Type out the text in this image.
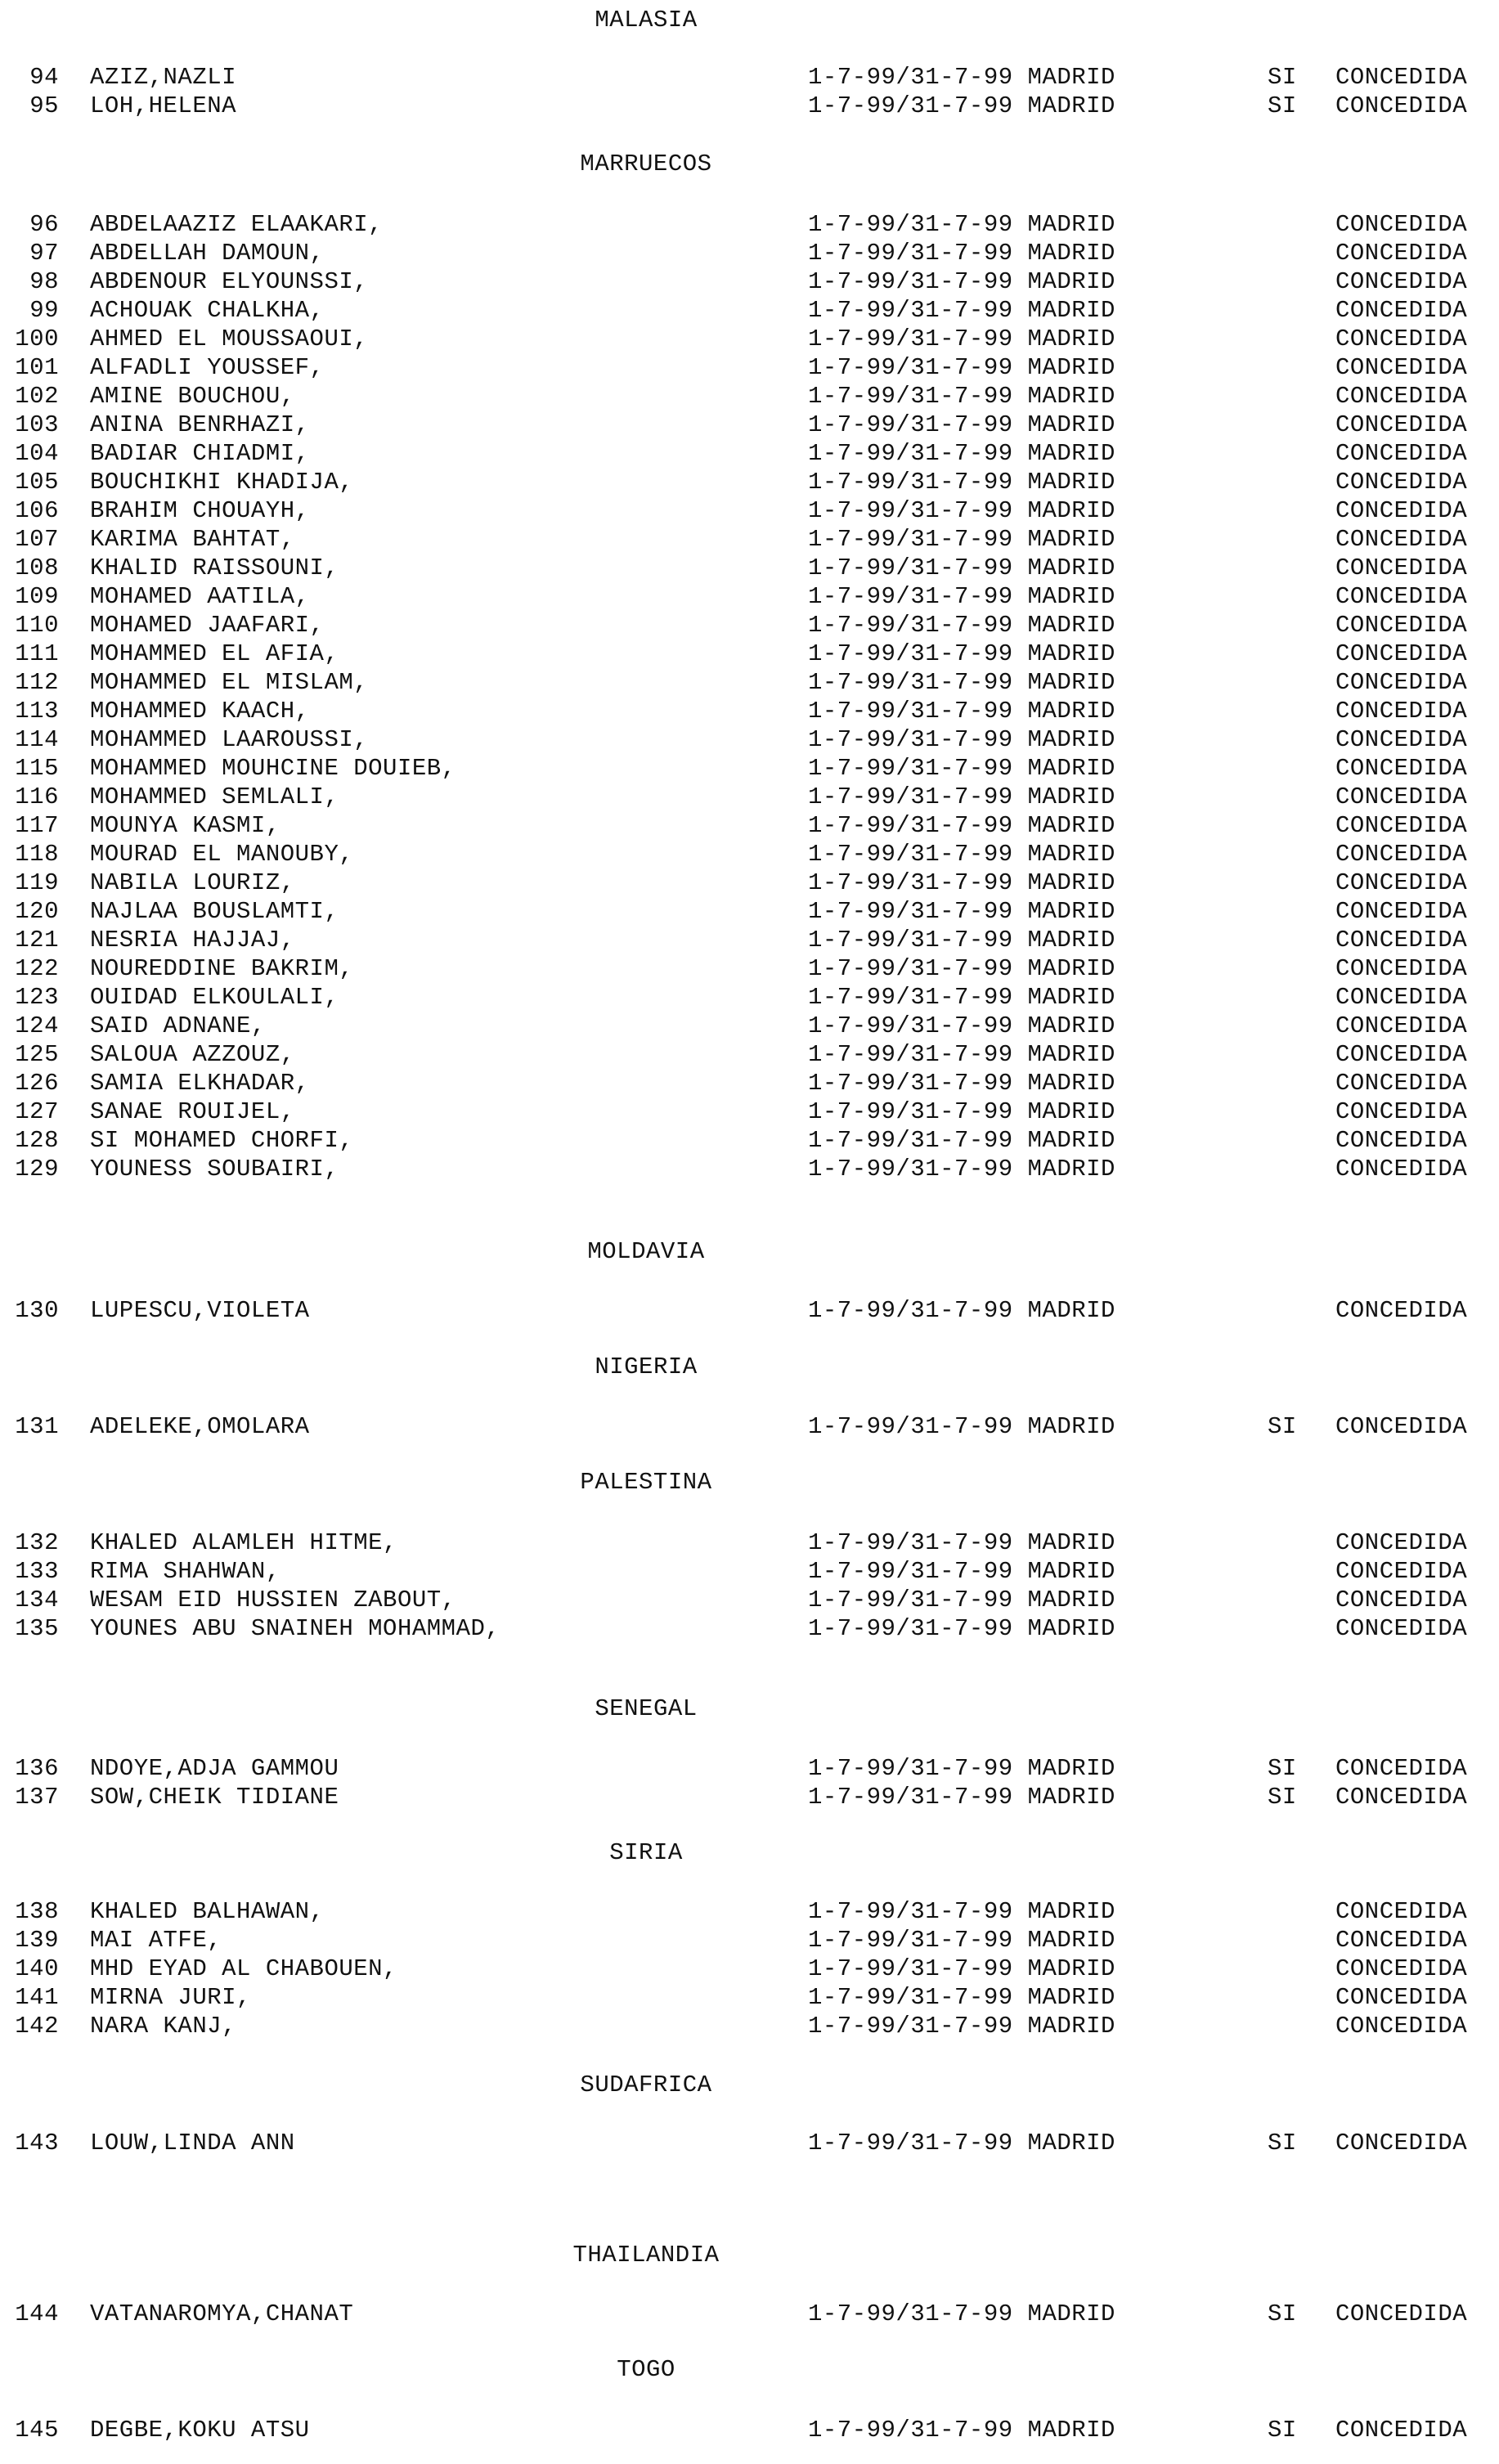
MALASIA
94 AZIZ,NAZLI	1-7-99/31-7-99 MADRID	SI CONCEDIDA
95 LOH,HELENA	1-7-99/31-7-99 MADRID	SI CONCEDIDA
MARRUECOS
96 ABDELAAZIZ ELAAKARI,	1-7-99/31-7-99 MADRID	CONCEDIDA
97 ABDELLAH DAMOUN,	1-7-99/31-7-99 MADRID	CONCEDIDA
98 ABDENOUR ELYOUNSSI,	1-7-99/31-7-99 MADRID	CONCEDIDA
99 ACHOUAK CHALKHA,	1-7-99/31-7-99 MADRID	CONCEDIDA
100 AHMED EL MOUSSAOUI,	1-7-99/31-7-99 MADRID	CONCEDIDA
101 ALFADLI YOUSSEF,	1-7-99/31-7-99 MADRID	CONCEDIDA
102 AMINE BOUCHOU,	1-7-99/31-7-99 MADRID	CONCEDIDA
103 ANINA BENRHAZI,	1-7-99/31-7-99 MADRID	CONCEDIDA
104 BADIAR CHIADMI,	1-7-99/31-7-99 MADRID	CONCEDIDA
105 BOUCHIKHI KHADIJA,	1-7-99/31-7-99 MADRID	CONCEDIDA
106 BRAHIM CHOUAYH,	1-7-99/31-7-99 MADRID	CONCEDIDA
107 KARIMA BAHTAT,	1-7-99/31-7-99 MADRID	CONCEDIDA
108 KHALID RAISSOUNI,	1-7-99/31-7-99 MADRID	CONCEDIDA
109 MOHAMED AATILA,	1-7-99/31-7-99 MADRID	CONCEDIDA
110 MOHAMED JAAFARI,	1-7-99/31-7-99 MADRID	CONCEDIDA
111 MOHAMMED EL AFIA,	1-7-99/31-7-99 MADRID	CONCEDIDA
112 MOHAMMED EL MISLAM,	1-7-99/31-7-99 MADRID	CONCEDIDA
113 MOHAMMED KAACH,	1-7-99/31-7-99 MADRID	CONCEDIDA
114 MOHAMMED LAAROUSSI,	1-7-99/31-7-99 MADRID	CONCEDIDA
115 MOHAMMED MOUHCINE DOUIEB,	1-7-99/31-7-99 MADRID	CONCEDIDA
116 MOHAMMED SEMLALI,	1-7-99/31-7-99 MADRID	CONCEDIDA
117 MOUNYA KASMI,	1-7-99/31-7-99 MADRID	CONCEDIDA
118 MOURAD EL MANOUBY,	1-7-99/31-7-99 MADRID	CONCEDIDA
119 NABILA LOURIZ,	1-7-99/31-7-99 MADRID	CONCEDIDA
120 NAJLAA BOUSLAMTI,	1-7-99/31-7-99 MADRID	CONCEDIDA
121 NESRIA HAJJAJ,	1-7-99/31-7-99 MADRID	CONCEDIDA
122 NOUREDDINE BAKRIM,	1-7-99/31-7-99 MADRID	CONCEDIDA
123 OUIDAD ELKOULALI,	1-7-99/31-7-99 MADRID	CONCEDIDA
124 SAID ADNANE,	1-7-99/31-7-99 MADRID	CONCEDIDA
125 SALOUA AZZOUZ,	1-7-99/31-7-99 MADRID	CONCEDIDA
126 SAMIA ELKHADAR,	1-7-99/31-7-99 MADRID	CONCEDIDA
127 SANAE ROUIJEL,	1-7-99/31-7-99 MADRID	CONCEDIDA
128 SI MOHAMED CHORFI,	1-7-99/31-7-99 MADRID	CONCEDIDA
129 YOUNESS SOUBAIRI,	1-7-99/31-7-99 MADRID	CONCEDIDA
MOLDAVIA
130 LUPESCU,VIOLETA	1-7-99/31-7-99 MADRID	CONCEDIDA
NIGERIA
131 ADELEKE,OMOLARA	1-7-99/31-7-99 MADRID	SI CONCEDIDA
PALESTINA
132 KHALED ALAMLEH HITME,	1-7-99/31-7-99 MADRID	CONCEDIDA
133 RIMA SHAHWAN,	1-7-99/31-7-99 MADRID	CONCEDIDA
134 WESAM EID HUSSIEN ZABOUT,	1-7-99/31-7-99 MADRID	CONCEDIDA
135 YOUNES ABU SNAINEH MOHAMMAD,	1-7-99/31-7-99 MADRID	CONCEDIDA
SENEGAL
136 NDOYE,ADJA GAMMOU	1-7-99/31-7-99 MADRID	SI CONCEDIDA
137 SOW,CHEIK TIDIANE	1-7-99/31-7-99 MADRID	SI CONCEDIDA
SIRIA
138 KHALED BALHAWAN,	1-7-99/31-7-99 MADRID	CONCEDIDA
139 MAI ATFE,	1-7-99/31-7-99 MADRID	CONCEDIDA
140 MHD EYAD AL CHABOUEN,	1-7-99/31-7-99 MADRID	CONCEDIDA
141 MIRNA JURI,	1-7-99/31-7-99 MADRID	CONCEDIDA
142 NARA KANJ,	1-7-99/31-7-99 MADRID	CONCEDIDA
SUDAFRICA
143 LOUW,LINDA ANN	1-7-99/31-7-99 MADRID	SI CONCEDIDA
THAILANDIA
144 VATANAROMYA,CHANAT	1-7-99/31-7-99 MADRID	SI CONCEDIDA
TOGO
145 DEGBE,KOKU ATSU	1-7-99/31-7-99 MADRID	SI CONCEDIDA
